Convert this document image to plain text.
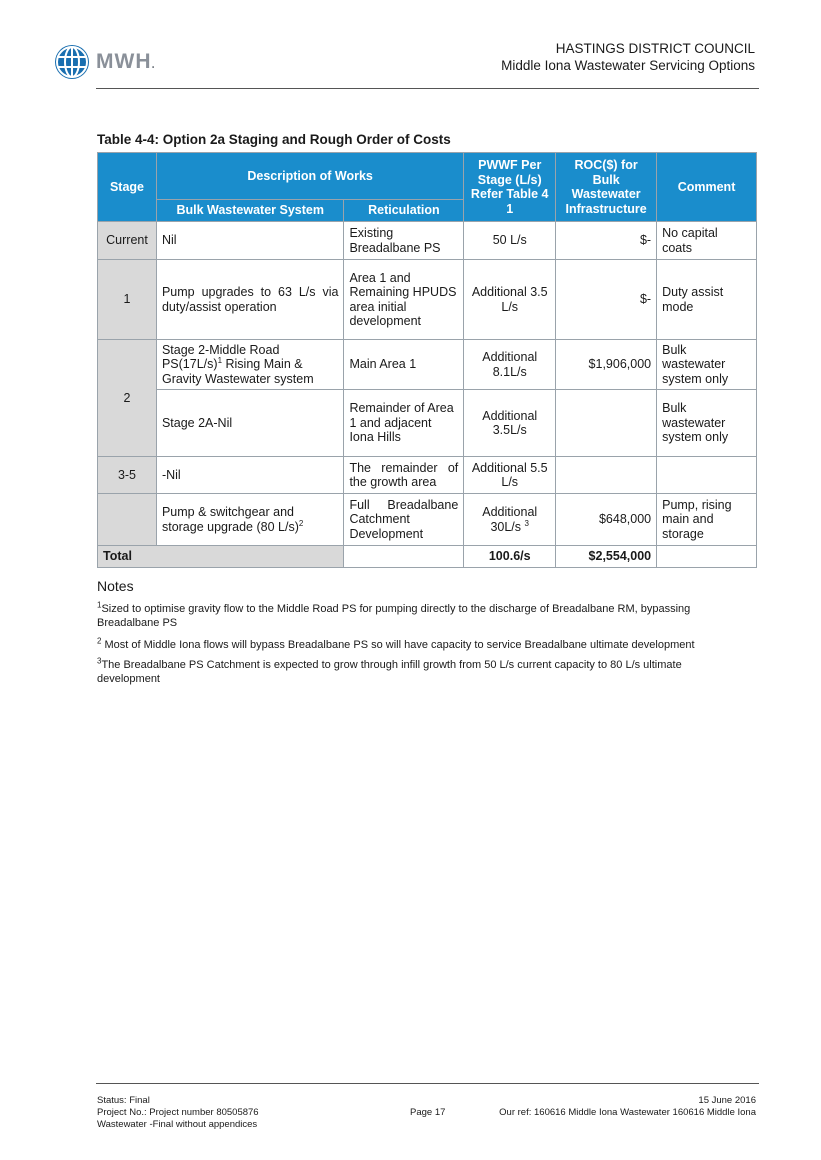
MWH.
HASTINGS DISTRICT COUNCIL
Middle Iona Wastewater Servicing Options
Table 4-4: Option 2a Staging and Rough Order of Costs
Stage	Description of Works		PWWF Per Stage (L/s) Refer Table 4 1	ROC($) for Bulk Wastewater Infrastructure	Comment
	Bulk Wastewater System	Reticulation			
Current	Nil	Existing Breadalbane PS	50 L/s	$-	No capital coats
1	Pump upgrades to 63 L/s via duty/assist operation	Area 1 and Remaining HPUDS area initial development	Additional 3.5 L/s	$-	Duty assist mode
2	Stage 2-Middle Road $PS(17L/s)^1$ Rising Main & Gravity Wastewater system	Main Area 1	Additional 8.1L/s	$1,906,000	Bulk wastewater system only
	Stage 2A-Nil	Remainder of Area 1 and adjacent Iona Hills	Additional 3.5L/s		Bulk wastewater system only
3-5	-Nil	The remainder of the growth area	Additional 5.5 L/s		
	Pump & switchgear and storage upgrade (80 L/s)$^2$	Full Breadalbane Catchment Development	Additional 30L/s $^3$	$648,000	Pump, rising main and storage
Total			100.6/s	$2,554,000	
Notes
$^1$Sized to optimise gravity flow to the Middle Road PS for pumping directly to the discharge of Breadalbane RM, bypassing Breadalbane PS
$^2$ Most of Middle Iona flows will bypass Breadalbane PS so will have capacity to service Breadalbane ultimate development
$^3$The Breadalbane PS Catchment is expected to grow through infill growth from 50 L/s current capacity to 80 L/s ultimate development
Status: Final
Project No.: Project number 80505876
Wastewater -Final without appendices
Page 17
15 June 2016
Our ref: 160616 Middle Iona Wastewater 160616 Middle Iona
